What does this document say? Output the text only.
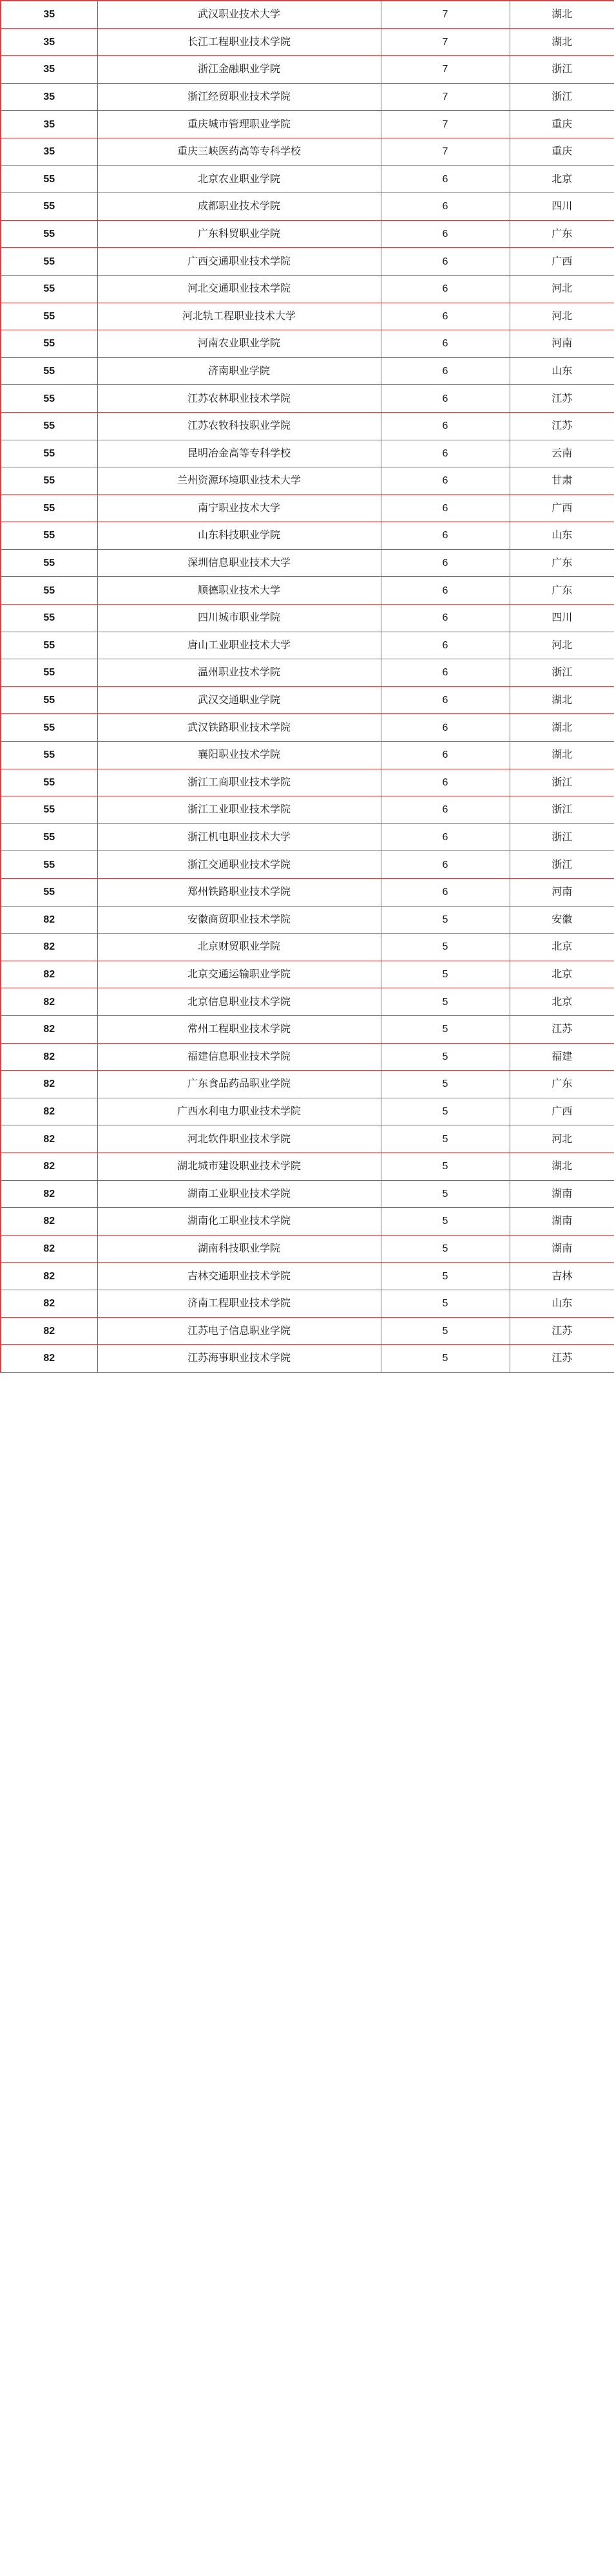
35	武汉职业技术大学	7	湖北
35	长江工程职业技术学院	7	湖北
35	浙江金融职业学院	7	浙江
35	浙江经贸职业技术学院	7	浙江
35	重庆城市管理职业学院	7	重庆
35	重庆三峡医药高等专科学校	7	重庆
55	北京农业职业学院	6	北京
55	成都职业技术学院	6	四川
55	广东科贸职业学院	6	广东
55	广西交通职业技术学院	6	广西
55	河北交通职业技术学院	6	河北
55	河北轨工程职业技术大学	6	河北
55	河南农业职业学院	6	河南
55	济南职业学院	6	山东
55	江苏农林职业技术学院	6	江苏
55	江苏农牧科技职业学院	6	江苏
55	昆明冶金高等专科学校	6	云南
55	兰州资源环境职业技术大学	6	甘肃
55	南宁职业技术大学	6	广西
55	山东科技职业学院	6	山东
55	深圳信息职业技术大学	6	广东
55	顺德职业技术大学	6	广东
55	四川城市职业学院	6	四川
55	唐山工业职业技术大学	6	河北
55	温州职业技术学院	6	浙江
55	武汉交通职业学院	6	湖北
55	武汉铁路职业技术学院	6	湖北
55	襄阳职业技术学院	6	湖北
55	浙江工商职业技术学院	6	浙江
55	浙江工业职业技术学院	6	浙江
55	浙江机电职业技术大学	6	浙江
55	浙江交通职业技术学院	6	浙江
55	郑州铁路职业技术学院	6	河南
82	安徽商贸职业技术学院	5	安徽
82	北京财贸职业学院	5	北京
82	北京交通运输职业学院	5	北京
82	北京信息职业技术学院	5	北京
82	常州工程职业技术学院	5	江苏
82	福建信息职业技术学院	5	福建
82	广东食品药品职业学院	5	广东
82	广西水利电力职业技术学院	5	广西
82	河北软件职业技术学院	5	河北
82	湖北城市建设职业技术学院	5	湖北
82	湖南工业职业技术学院	5	湖南
82	湖南化工职业技术学院	5	湖南
82	湖南科技职业学院	5	湖南
82	吉林交通职业技术学院	5	吉林
82	济南工程职业技术学院	5	山东
82	江苏电子信息职业学院	5	江苏
82	江苏海事职业技术学院	5	江苏
